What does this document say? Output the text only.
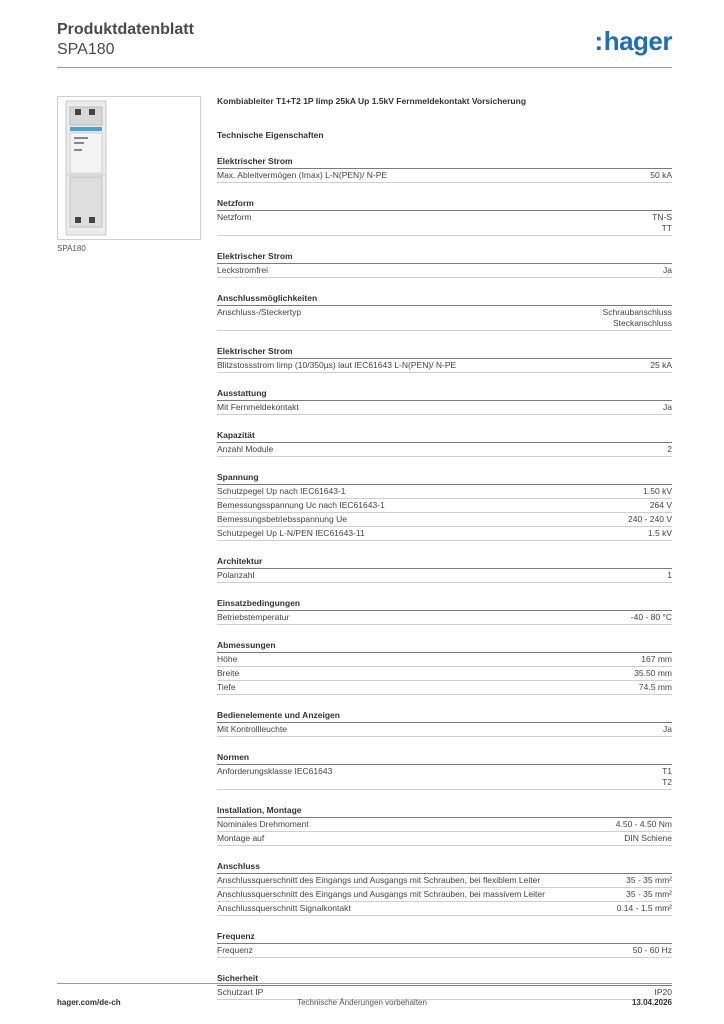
Produktdatenblatt
SPA180	:hager
SPA180
Kombiableiter T1+T2 1P Iimp 25kA Up 1.5kV Fernmeldekontakt Vorsicherung
Technische Eigenschaften
Elektrischer Strom
Max. Ableitvermögen (Imax) L-N(PEN)/ N-PE	50 kA
Netzform
Netzform	TN-S
TT
Elektrischer Strom
Leckstromfrei	Ja
Anschlussmöglichkeiten
Anschluss-/Steckertyp	Schraubanschluss
Steckanschluss
Elektrischer Strom
Blitzstossstrom Iimp (10/350µs) laut IEC61643 L-N(PEN)/ N-PE	25 kA
Ausstattung
Mit Fernmeldekontakt	Ja
Kapazität
Anzahl Module	2
Spannung
Schutzpegel Up nach IEC61643-1	1.50 kV
Bemessungsspannung Uc nach IEC61643-1	264 V
Bemessungsbetriebsspannung Ue	240 - 240 V
Schutzpegel Up L-N/PEN IEC61643-11	1.5 kV
Architektur
Polanzahl	1
Einsatzbedingungen
Betriebstemperatur	-40 - 80 °C
Abmessungen
Höhe	167 mm
Breite	35.50 mm
Tiefe	74.5 mm
Bedienelemente und Anzeigen
Mit Kontrollleuchte	Ja
Normen
Anforderungsklasse IEC61643	T1
T2
Installation, Montage
Nominales Drehmoment	4.50 - 4.50 Nm
Montage auf	DIN Schiene
Anschluss
Anschlussquerschnitt des Eingangs und Ausgangs mit Schrauben, bei flexiblem Leiter	35 - 35 mm²
Anschlussquerschnitt des Eingangs und Ausgangs mit Schrauben, bei massivem Leiter	35 - 35 mm²
Anschlussquerschnitt Signalkontakt	0.14 - 1.5 mm²
Frequenz
Frequenz	50 - 60 Hz
Sicherheit
Schutzart IP	IP20
hager.com/de-ch	Technische Änderungen vorbehalten	13.04.2026
